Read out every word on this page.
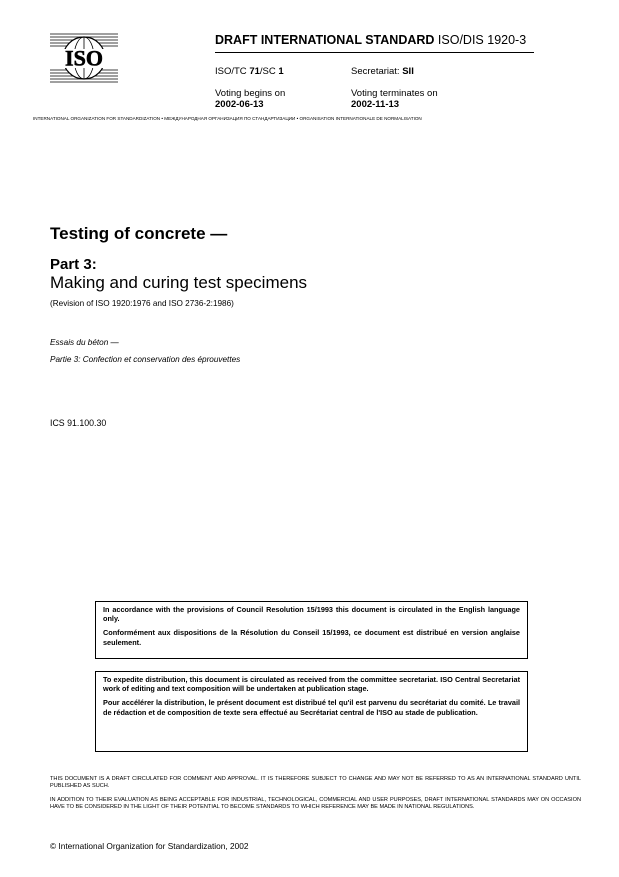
ISO
DRAFT INTERNATIONAL STANDARD ISO/DIS 1920-3
ISO/TC 71/SC 1	Secretariat: SII
Voting begins on
2002-06-13
Voting terminates on
2002-11-13
INTERNATIONAL ORGANIZATION FOR STANDARDIZATION • МЕЖДУНАРОДНАЯ ОРГАНИЗАЦИЯ ПО СТАНДАРТИЗАЦИИ • ORGANISATION INTERNATIONALE DE NORMALISATION
Testing of concrete —
Part 3:
Making and curing test specimens
(Revision of ISO 1920:1976 and ISO 2736-2:1986)
Essais du béton —
Partie 3: Confection et conservation des éprouvettes
ICS 91.100.30

In accordance with the provisions of Council Resolution 15/1993 this document is circulated in the English language only.

Conformément aux dispositions de la Résolution du Conseil 15/1993, ce document est distribué en version anglaise seulement.

To expedite distribution, this document is circulated as received from the committee secretariat. ISO Central Secretariat work of editing and text composition will be undertaken at publication stage.

Pour accélérer la distribution, le présent document est distribué tel qu'il est parvenu du secrétariat du comité. Le travail de rédaction et de composition de texte sera effectué au Secrétariat central de l'ISO au stade de publication.

THIS DOCUMENT IS A DRAFT CIRCULATED FOR COMMENT AND APPROVAL. IT IS THEREFORE SUBJECT TO CHANGE AND MAY NOT BE REFERRED TO AS AN INTERNATIONAL STANDARD UNTIL PUBLISHED AS SUCH.
IN ADDITION TO THEIR EVALUATION AS BEING ACCEPTABLE FOR INDUSTRIAL, TECHNOLOGICAL, COMMERCIAL AND USER PURPOSES, DRAFT INTERNATIONAL STANDARDS MAY ON OCCASION HAVE TO BE CONSIDERED IN THE LIGHT OF THEIR POTENTIAL TO BECOME STANDARDS TO WHICH REFERENCE MAY BE MADE IN NATIONAL REGULATIONS.
© International Organization for Standardization, 2002
